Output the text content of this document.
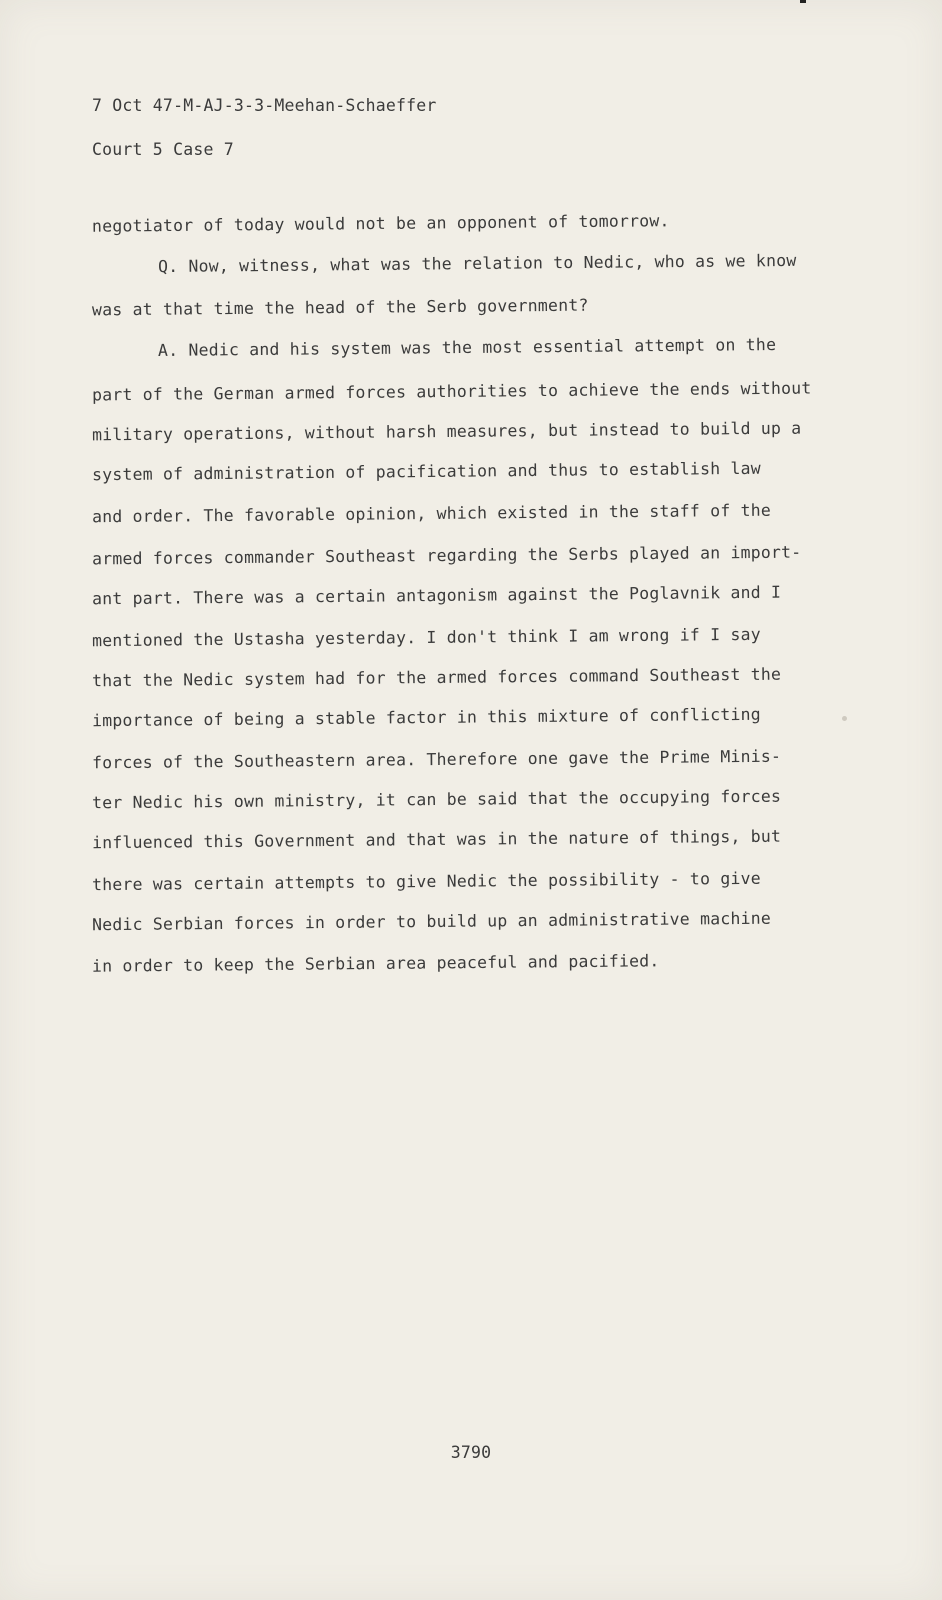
7 Oct 47-M-AJ-3-3-Meehan-Schaeffer
Court 5 Case 7
negotiator of today would not be an opponent of tomorrow.
Q. Now, witness, what was the relation to Nedic, who as we know
was at that time the head of the Serb government?
A. Nedic and his system was the most essential attempt on the
part of the German armed forces authorities to achieve the ends without
military operations, without harsh measures, but instead to build up a
system of administration of pacification and thus to establish law
and order. The favorable opinion, which existed in the staff of the
armed forces commander Southeast regarding the Serbs played an import-
ant part. There was a certain antagonism against the Poglavnik and I
mentioned the Ustasha yesterday. I don't think I am wrong if I say
that the Nedic system had for the armed forces command Southeast the
importance of being a stable factor in this mixture of conflicting
forces of the Southeastern area. Therefore one gave the Prime Minis-
ter Nedic his own ministry, it can be said that the occupying forces
influenced this Government and that was in the nature of things, but
there was certain attempts to give Nedic the possibility - to give
Nedic Serbian forces in order to build up an administrative machine
in order to keep the Serbian area peaceful and pacified.
3790
